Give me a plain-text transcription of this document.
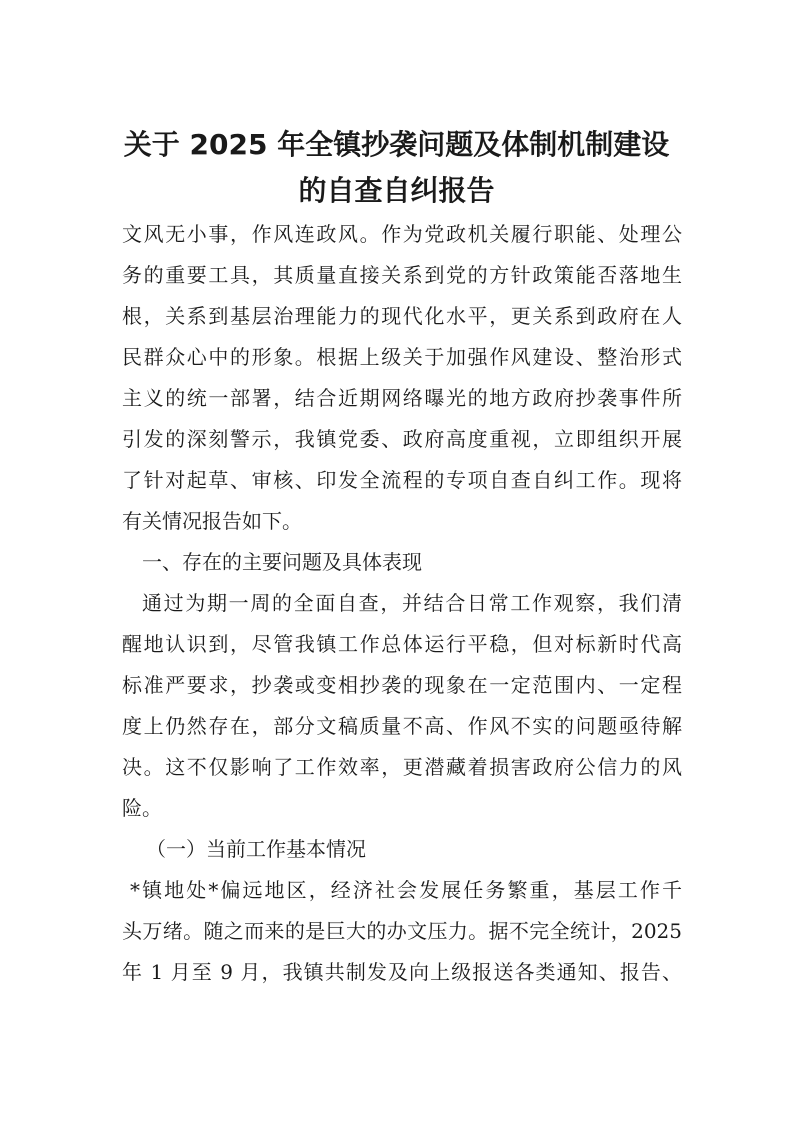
关于 2025 年全镇抄袭问题及体制机制建设
的自查自纠报告
文风无小事，作风连政风。作为党政机关履行职能、处理公
务的重要工具，其质量直接关系到党的方针政策能否落地生
根，关系到基层治理能力的现代化水平，更关系到政府在人
民群众心中的形象。根据上级关于加强作风建设、整治形式
主义的统一部署，结合近期网络曝光的地方政府抄袭事件所
引发的深刻警示，我镇党委、政府高度重视，立即组织开展
了针对起草、审核、印发全流程的专项自查自纠工作。现将
有关情况报告如下。
一、存在的主要问题及具体表现
通过为期一周的全面自查，并结合日常工作观察，我们清
醒地认识到，尽管我镇工作总体运行平稳，但对标新时代高
标准严要求，抄袭或变相抄袭的现象在一定范围内、一定程
度上仍然存在，部分文稿质量不高、作风不实的问题亟待解
决。这不仅影响了工作效率，更潜藏着损害政府公信力的风
险。
（一）当前工作基本情况
*镇地处*偏远地区，经济社会发展任务繁重，基层工作千
头万绪。随之而来的是巨大的办文压力。据不完全统计，2025
年 1 月至 9 月，我镇共制发及向上级报送各类通知、报告、
